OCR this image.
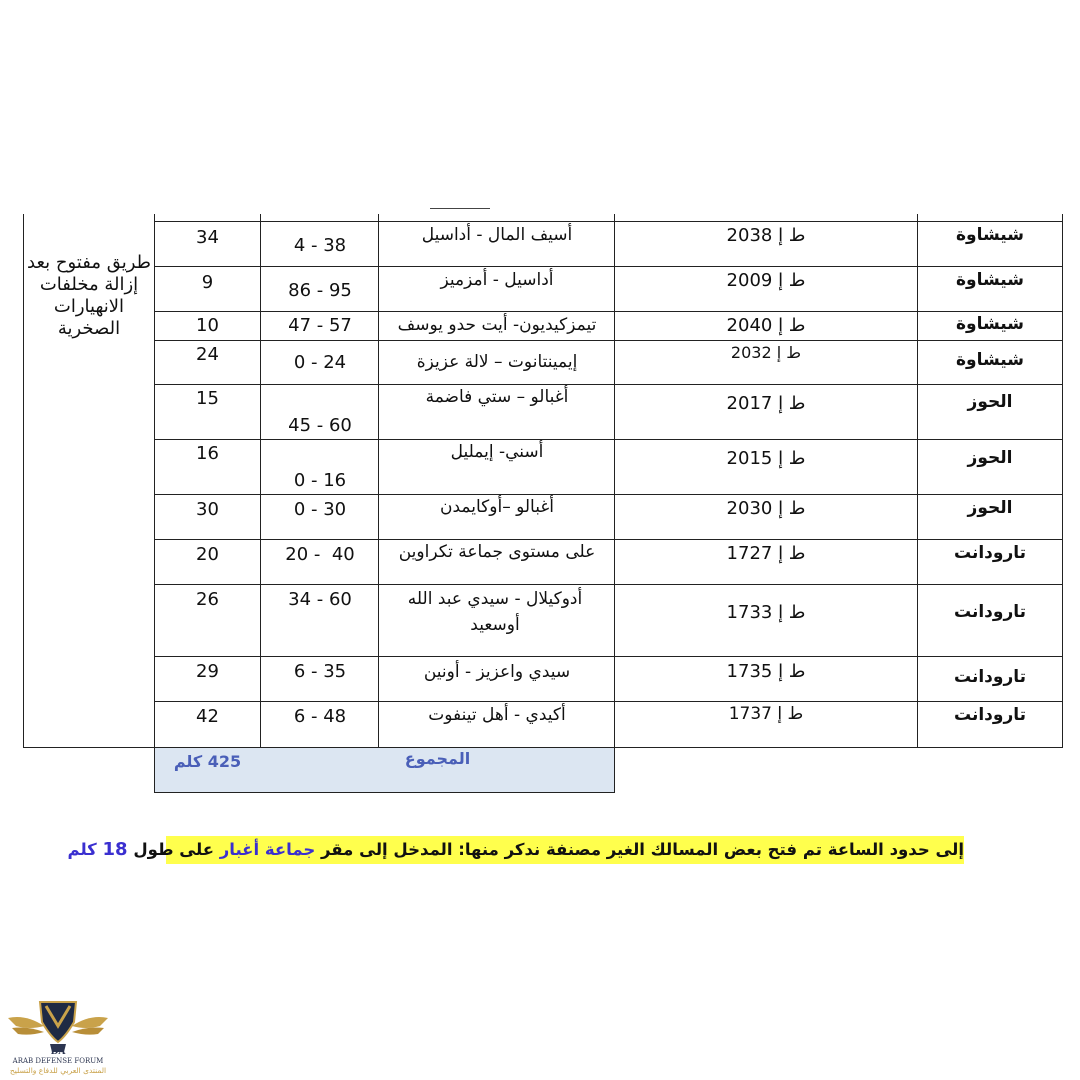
شيشاوة
ط إ 2038
أسيف المال - أداسيل
4 - 38
34
شيشاوة
ط إ 2009
أداسيل - أمزميز
86 - 95
9
شيشاوة
ط إ 2040
تيمزكيديون- أيت حدو يوسف
47 - 57
10
شيشاوة
ط إ 2032
إيمينتانوت – لالة عزيزة
0 - 24
24
الحوز
ط إ 2017
أغبالو – ستي فاضمة
45 - 60
15
الحوز
ط إ 2015
أسني- إيمليل
0 - 16
16
الحوز
ط إ 2030
أغبالو –أوكايمدن
0 - 30
30
تارودانت
ط إ 1727
على مستوى جماعة تكراوين
20 -  40
20
تارودانت
ط إ 1733
أدوكيلال - سيدي عبد الله أوسعيد
34 - 60
26
تارودانت
ط إ 1735
سيدي واعزيز - أونين
6 - 35
29
تارودانت
ط إ 1737
أكيدي - أهل تينفوت
6 - 48
42
طريق مفتوح بعد إزالة مخلفات الانهيارات الصخرية
425 كلم	المجموع
إلى حدود الساعة تم فتح بعض المسالك الغير مصنفة ندكر منها: المدخل إلى مقر جماعة أغبار على طول 18 كلم
DA
ARAB DEFENSE FORUM
المنتدى العربي للدفاع والتسليح
